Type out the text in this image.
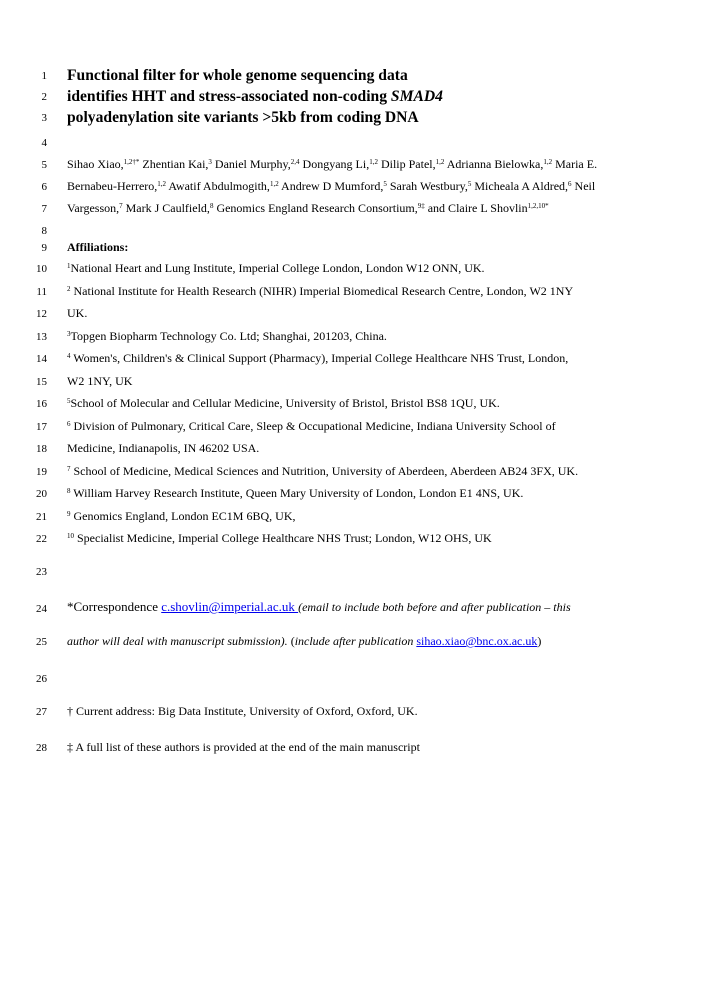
1
2
3
4
5
6
7
8
9
10
11
12
13
14
15
16
17
18
19
20
21
22
23
24
25
26
27
28
Functional filter for whole genome sequencing data
identifies HHT and stress-associated non-coding SMAD4
polyadenylation site variants >5kb from coding DNA
Sihao Xiao,$^{1,2\dagger*}$ Zhentian Kai,$^3$ Daniel Murphy,$^{2,4}$ Dongyang Li,$^{1,2}$ Dilip Patel,$^{1,2}$ Adrianna Bielowka,$^{1,2}$ Maria E.
Bernabeu-Herrero,$^{1,2}$ Awatif Abdulmogith,$^{1,2}$ Andrew D Mumford,$^5$ Sarah Westbury,$^5$ Micheala A Aldred,$^6$ Neil
Vargesson,$^7$ Mark J Caulfield,$^8$ Genomics England Research Consortium,$^{9\ddagger}$ and Claire L Shovlin$^{1,2,10*}$
Affiliations:
$^1$National Heart and Lung Institute, Imperial College London, London W12 ONN, UK.
$^2$ National Institute for Health Research (NIHR) Imperial Biomedical Research Centre, London, W2 1NY
UK.
$^3$Topgen Biopharm Technology Co. Ltd; Shanghai, 201203, China.
$^4$ Women's, Children's & Clinical Support (Pharmacy), Imperial College Healthcare NHS Trust, London,
W2 1NY, UK
$^5$School of Molecular and Cellular Medicine, University of Bristol, Bristol BS8 1QU, UK.
$^6$ Division of Pulmonary, Critical Care, Sleep & Occupational Medicine, Indiana University School of
Medicine, Indianapolis, IN 46202 USA.
$^7$ School of Medicine, Medical Sciences and Nutrition, University of Aberdeen, Aberdeen AB24 3FX, UK.
$^8$ William Harvey Research Institute, Queen Mary University of London, London E1 4NS, UK.
$^9$ Genomics England, London EC1M 6BQ, UK,
$^{10}$ Specialist Medicine, Imperial College Healthcare NHS Trust; London, W12 OHS, UK
*Correspondence c.shovlin@imperial.ac.uk (email to include both before and after publication – this
author will deal with manuscript submission). (include after publication sihao.xiao@bnc.ox.ac.uk)
† Current address: Big Data Institute, University of Oxford, Oxford, UK.
‡ A full list of these authors is provided at the end of the main manuscript
